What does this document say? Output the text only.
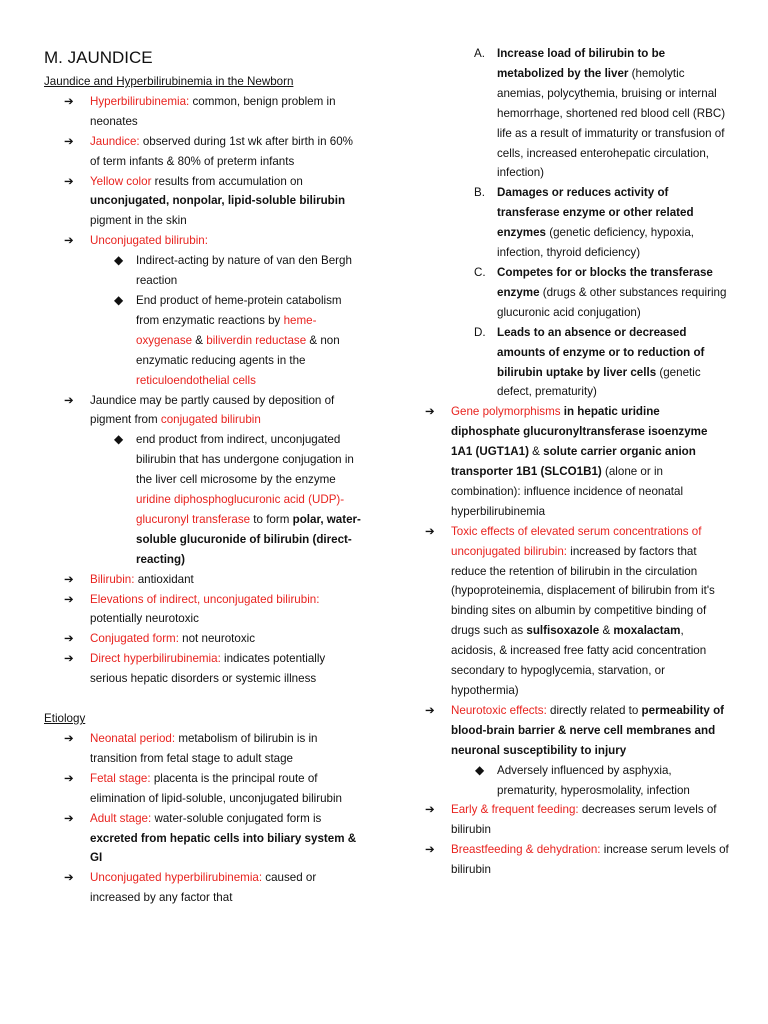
M. JAUNDICE
Jaundice and Hyperbilirubinemia in the Newborn
➔ Hyperbilirubinemia: common, benign problem in neonates
➔ Jaundice: observed during 1st wk after birth in 60% of term infants & 80% of preterm infants
➔ Yellow color results from accumulation on unconjugated, nonpolar, lipid-soluble bilirubin pigment in the skin
➔ Unconjugated bilirubin:
◆ Indirect-acting by nature of van den Bergh reaction
◆ End product of heme-protein catabolism from enzymatic reactions by heme-oxygenase & biliverdin reductase & non enzymatic reducing agents in the reticuloendothelial cells
➔ Jaundice may be partly caused by deposition of pigment from conjugated bilirubin
◆ end product from indirect, unconjugated bilirubin that has undergone conjugation in the liver cell microsome by the enzyme uridine diphosphoglucuronic acid (UDP)-glucuronyl transferase to form polar, water-soluble glucuronide of bilirubin (direct-reacting)
➔ Bilirubin: antioxidant
➔ Elevations of indirect, unconjugated bilirubin: potentially neurotoxic
➔ Conjugated form: not neurotoxic
➔ Direct hyperbilirubinemia: indicates potentially serious hepatic disorders or systemic illness
Etiology
➔ Neonatal period: metabolism of bilirubin is in transition from fetal stage to adult stage
➔ Fetal stage: placenta is the principal route of elimination of lipid-soluble, unconjugated bilirubin
➔ Adult stage: water-soluble conjugated form is excreted from hepatic cells into biliary system & GI
➔ Unconjugated hyperbilirubinemia: caused or increased by any factor that
A. Increase load of bilirubin to be metabolized by the liver (hemolytic anemias, polycythemia, bruising or internal hemorrhage, shortened red blood cell (RBC) life as a result of immaturity or transfusion of cells, increased enterohepatic circulation, infection)
B. Damages or reduces activity of transferase enzyme or other related enzymes (genetic deficiency, hypoxia, infection, thyroid deficiency)
C. Competes for or blocks the transferase enzyme (drugs & other substances requiring glucuronic acid conjugation)
D. Leads to an absence or decreased amounts of enzyme or to reduction of bilirubin uptake by liver cells (genetic defect, prematurity)
➔ Gene polymorphisms in hepatic uridine diphosphate glucuronyltransferase isoenzyme 1A1 (UGT1A1) & solute carrier organic anion transporter 1B1 (SLCO1B1) (alone or in combination): influence incidence of neonatal hyperbilirubinemia
➔ Toxic effects of elevated serum concentrations of unconjugated bilirubin: increased by factors that reduce the retention of bilirubin in the circulation (hypoproteinemia, displacement of bilirubin from it's binding sites on albumin by competitive binding of drugs such as sulfisoxazole & moxalactam, acidosis, & increased free fatty acid concentration secondary to hypoglycemia, starvation, or hypothermia)
➔ Neurotoxic effects: directly related to permeability of blood-brain barrier & nerve cell membranes and neuronal susceptibility to injury
◆ Adversely influenced by asphyxia, prematurity, hyperosmolality, infection
➔ Early & frequent feeding: decreases serum levels of bilirubin
➔ Breastfeeding & dehydration: increase serum levels of bilirubin
